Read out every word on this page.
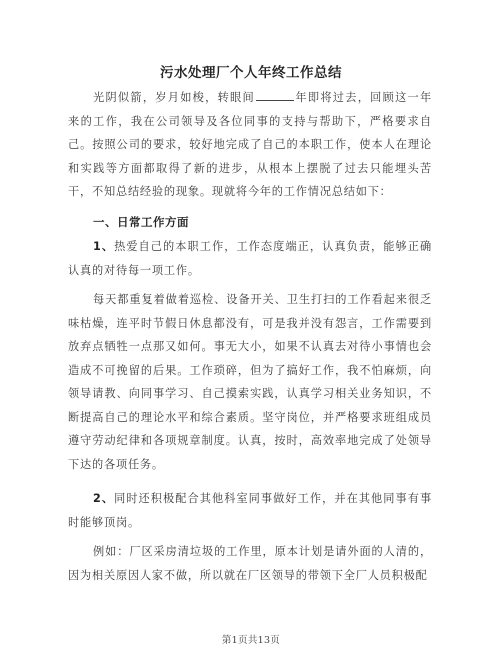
污水处理厂个人年终工作总结
光阴似箭，岁月如梭，转眼间	年即将过去，回顾这一年来的工作，我在公司领导及各位同事的支持与帮助下，严格要求自己。按照公司的要求，较好地完成了自己的本职工作，使本人在理论和实践等方面都取得了新的进步，从根本上摆脱了过去只能埋头苦干，不知总结经验的现象。现就将今年的工作情况总结如下：
一、日常工作方面
1、热爱自己的本职工作，工作态度端正，认真负责，能够正确认真的对待每一项工作。
每天都重复着做着巡检、设备开关、卫生打扫的工作看起来很乏味枯燥，连平时节假日休息都没有，可是我并没有怨言，工作需要到放弃点牺牲一点那又如何。事无大小，如果不认真去对待小事情也会造成不可挽留的后果。工作琐碎，但为了搞好工作，我不怕麻烦，向领导请教、向同事学习、自己摸索实践，认真学习相关业务知识，不断提高自己的理论水平和综合素质。坚守岗位，并严格要求班组成员遵守劳动纪律和各项规章制度。认真，按时，高效率地完成了处领导下达的各项任务。
2、同时还积极配合其他科室同事做好工作，并在其他同事有事时能够顶岗。
例如：厂区采房清垃圾的工作里，原本计划是请外面的人清的，因为相关原因人家不做，所以就在厂区领导的带领下全厂人员积极配
第1页共13页
